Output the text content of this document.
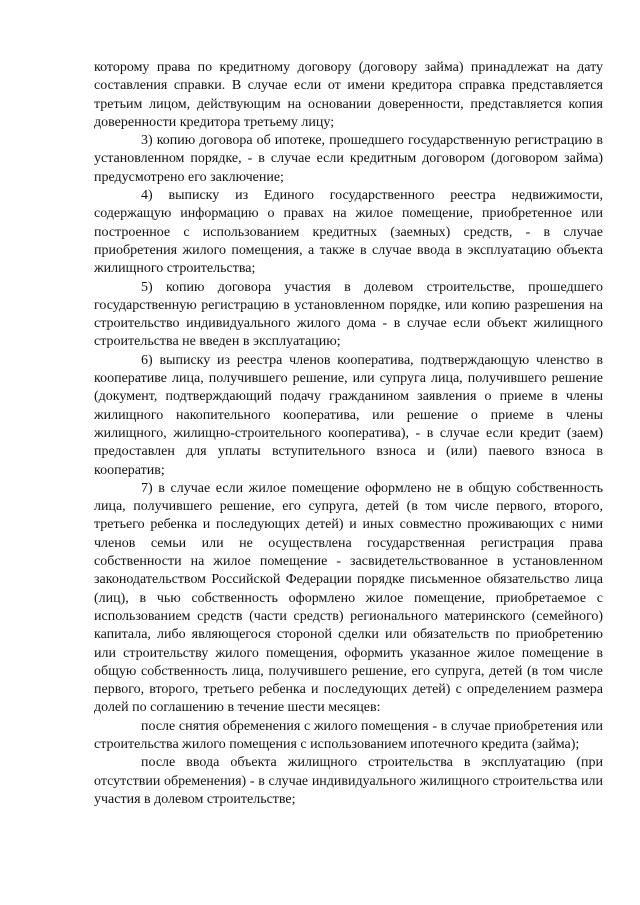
которому права по кредитному договору (договору займа) принадлежат на дату составления справки. В случае если от имени кредитора справка представляется третьим лицом, действующим на основании доверенности, представляется копия доверенности кредитора третьему лицу;

3) копию договора об ипотеке, прошедшего государственную регистрацию в установленном порядке, - в случае если кредитным договором (договором займа) предусмотрено его заключение;

4) выписку из Единого государственного реестра недвижимости, содержащую информацию о правах на жилое помещение, приобретенное или построенное с использованием кредитных (заемных) средств, - в случае приобретения жилого помещения, а также в случае ввода в эксплуатацию объекта жилищного строительства;

5) копию договора участия в долевом строительстве, прошедшего государственную регистрацию в установленном порядке, или копию разрешения на строительство индивидуального жилого дома - в случае если объект жилищного строительства не введен в эксплуатацию;

6) выписку из реестра членов кооператива, подтверждающую членство в кооперативе лица, получившего решение, или супруга лица, получившего решение (документ, подтверждающий подачу гражданином заявления о приеме в члены жилищного накопительного кооператива, или решение о приеме в члены жилищного, жилищно-строительного кооператива), - в случае если кредит (заем) предоставлен для уплаты вступительного взноса и (или) паевого взноса в кооператив;

7) в случае если жилое помещение оформлено не в общую собственность лица, получившего решение, его супруга, детей (в том числе первого, второго, третьего ребенка и последующих детей) и иных совместно проживающих с ними членов семьи или не осуществлена государственная регистрация права собственности на жилое помещение - засвидетельствованное в установленном законодательством Российской Федерации порядке письменное обязательство лица (лиц), в чью собственность оформлено жилое помещение, приобретаемое с использованием средств (части средств) регионального материнского (семейного) капитала, либо являющегося стороной сделки или обязательств по приобретению или строительству жилого помещения, оформить указанное жилое помещение в общую собственность лица, получившего решение, его супруга, детей (в том числе первого, второго, третьего ребенка и последующих детей) с определением размера долей по соглашению в течение шести месяцев:

после снятия обременения с жилого помещения - в случае приобретения или строительства жилого помещения с использованием ипотечного кредита (займа);

после ввода объекта жилищного строительства в эксплуатацию (при отсутствии обременения) - в случае индивидуального жилищного строительства или участия в долевом строительстве;
